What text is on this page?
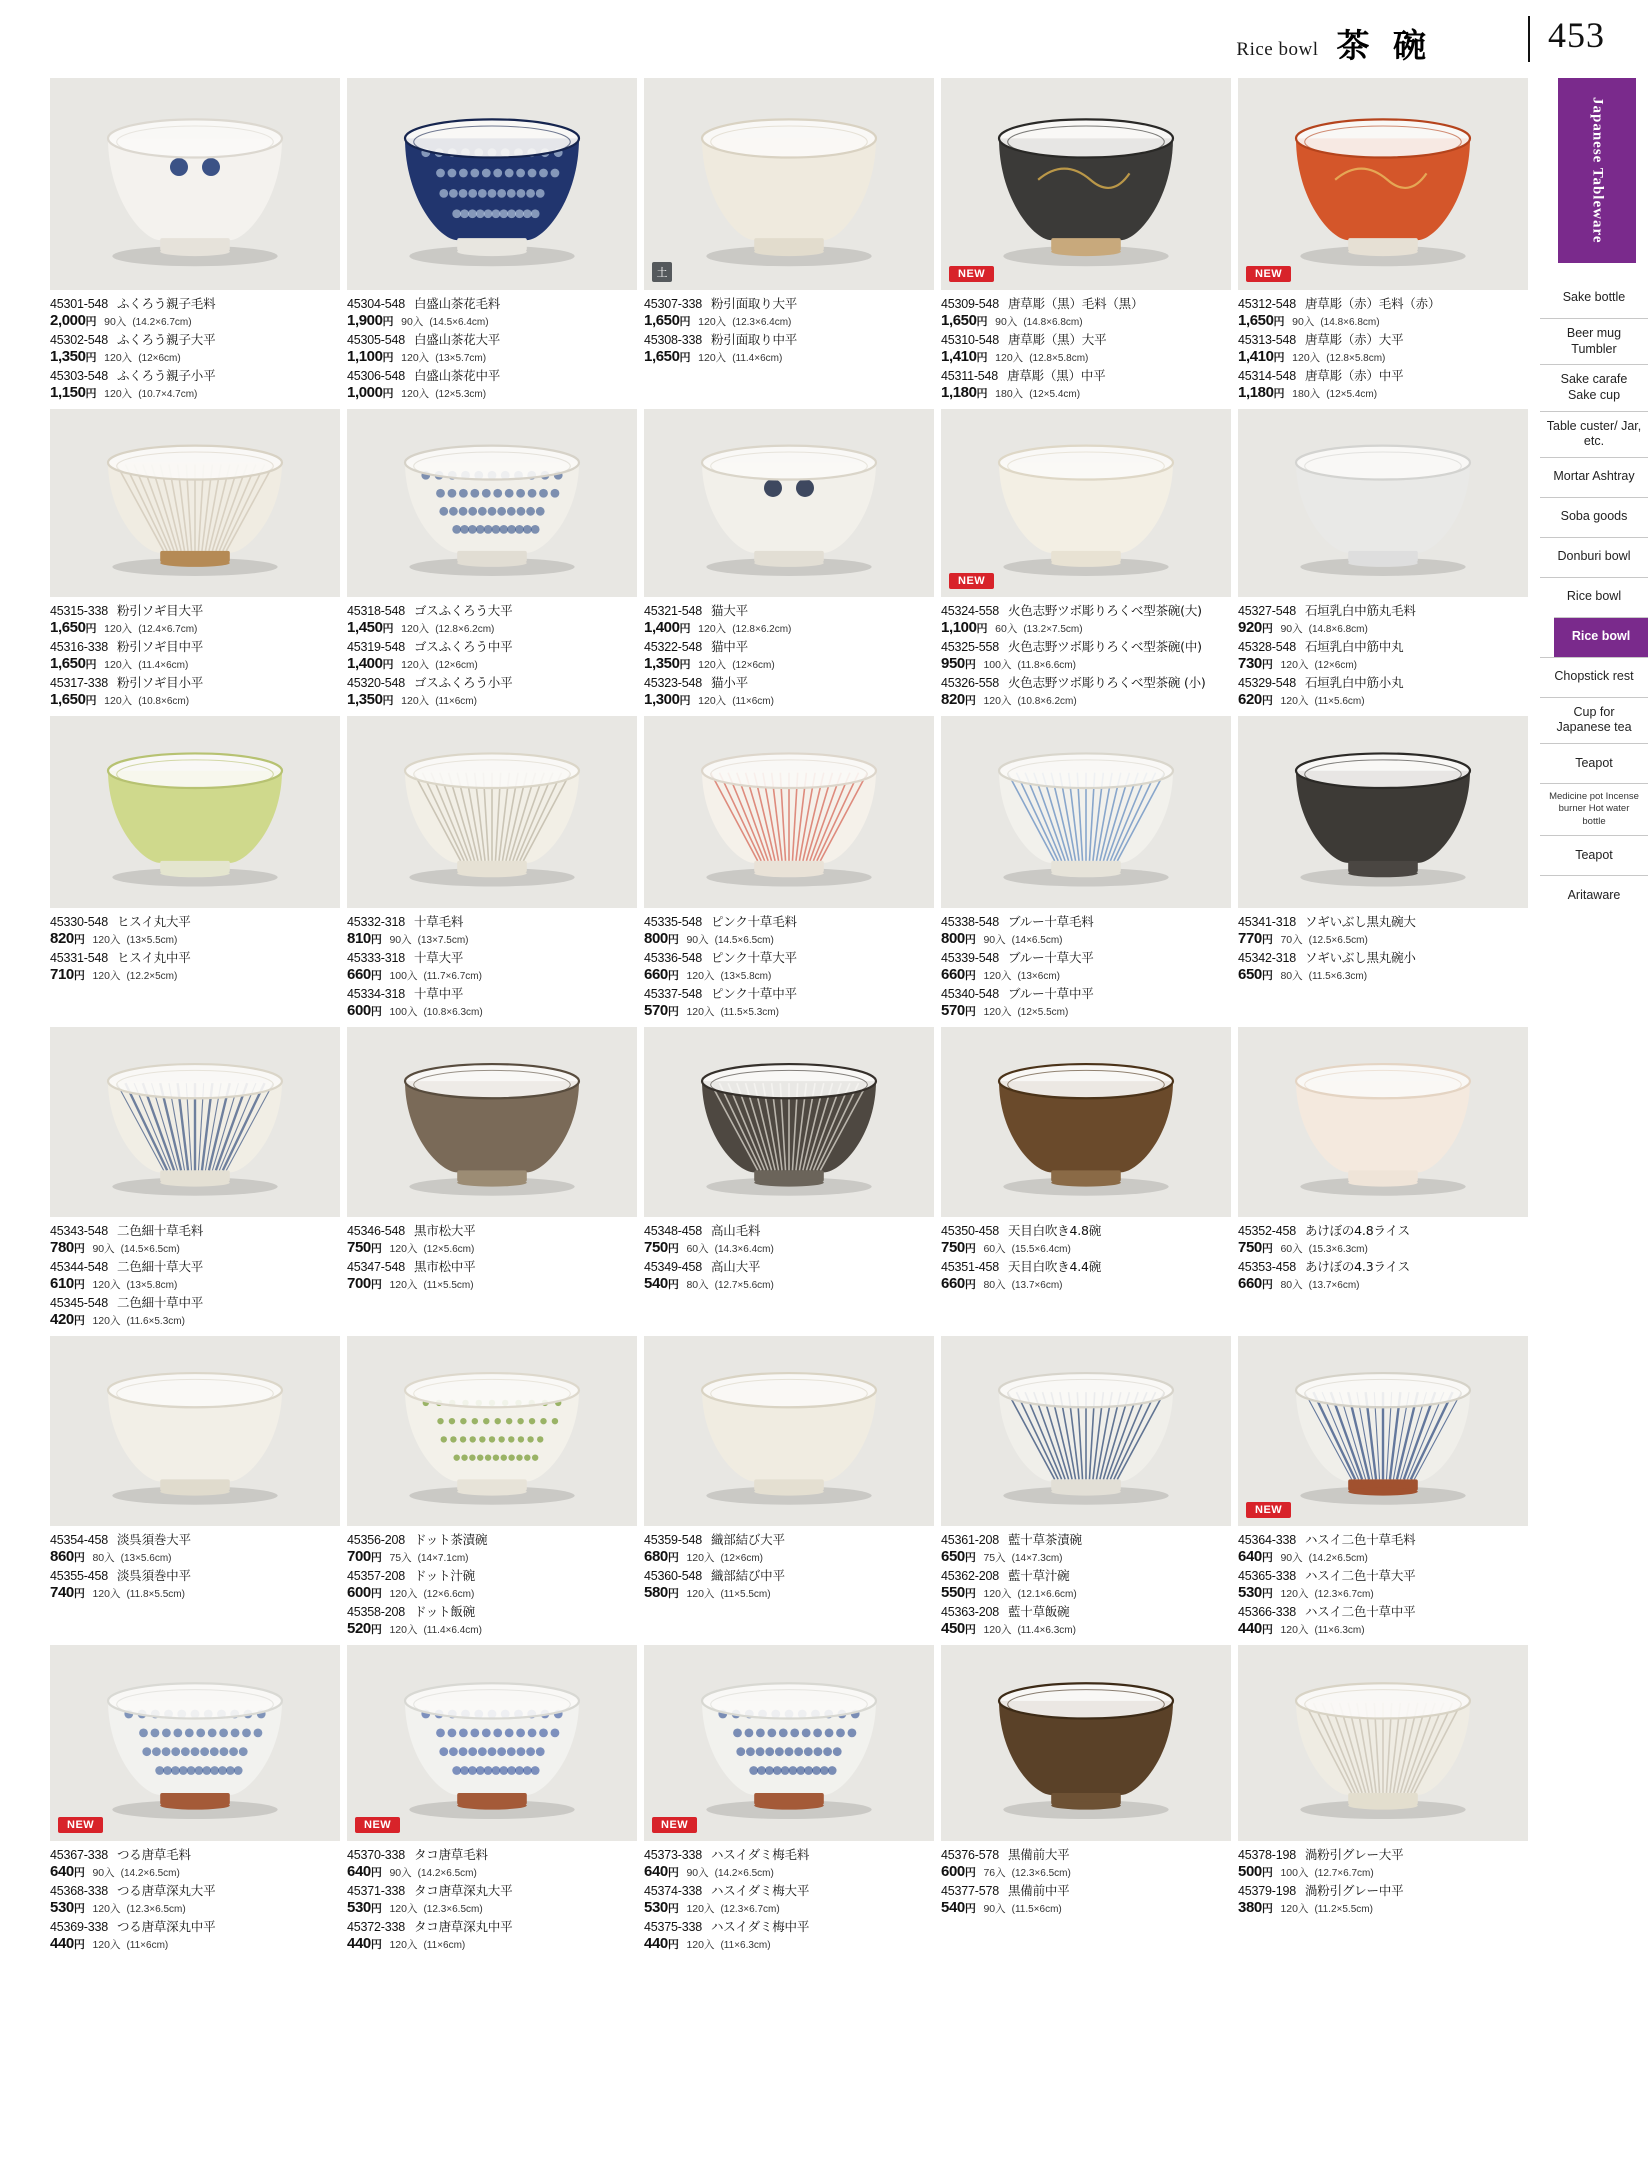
Rice bowl 茶 碗	453
Japanese Tableware
Sake bottle
Beer mug Tumbler
Sake carafe Sake cup
Table custer/ Jar, etc.
Mortar Ashtray
Soba goods
Donburi bowl
Rice bowl
Rice bowl
Chopstick rest
Cup for Japanese tea
Teapot
Medicine pot Incense burner Hot water bottle
Teapot
Aritaware
45301-548 ふくろう親子毛料
2,000円 90入 (14.2×6.7cm)
45302-548 ふくろう親子大平
1,350円 120入 (12×6cm)
45303-548 ふくろう親子小平
1,150円 120入 (10.7×4.7cm)
45304-548 白盛山茶花毛料
1,900円 90入 (14.5×6.4cm)
45305-548 白盛山茶花大平
1,100円 120入 (13×5.7cm)
45306-548 白盛山茶花中平
1,000円 120入 (12×5.3cm)
土
45307-338 粉引面取り大平
1,650円 120入 (12.3×6.4cm)
45308-338 粉引面取り中平
1,650円 120入 (11.4×6cm)
NEW
45309-548 唐草彫（黒）毛料（黒）
1,650円 90入 (14.8×6.8cm)
45310-548 唐草彫（黒）大平
1,410円 120入 (12.8×5.8cm)
45311-548 唐草彫（黒）中平
1,180円 180入 (12×5.4cm)
NEW
45312-548 唐草彫（赤）毛料（赤）
1,650円 90入 (14.8×6.8cm)
45313-548 唐草彫（赤）大平
1,410円 120入 (12.8×5.8cm)
45314-548 唐草彫（赤）中平
1,180円 180入 (12×5.4cm)
45315-338 粉引ソギ目大平
1,650円 120入 (12.4×6.7cm)
45316-338 粉引ソギ目中平
1,650円 120入 (11.4×6cm)
45317-338 粉引ソギ目小平
1,650円 120入 (10.8×6cm)
45318-548 ゴスふくろう大平
1,450円 120入 (12.8×6.2cm)
45319-548 ゴスふくろう中平
1,400円 120入 (12×6cm)
45320-548 ゴスふくろう小平
1,350円 120入 (11×6cm)
45321-548 猫大平
1,400円 120入 (12.8×6.2cm)
45322-548 猫中平
1,350円 120入 (12×6cm)
45323-548 猫小平
1,300円 120入 (11×6cm)
NEW
45324-558 火色志野ツボ彫りろくべ型茶碗(大)
1,100円 60入 (13.2×7.5cm)
45325-558 火色志野ツボ彫りろくべ型茶碗(中)
950円 100入 (11.8×6.6cm)
45326-558 火色志野ツボ彫りろくべ型茶碗 (小)
820円 120入 (10.8×6.2cm)
45327-548 石垣乳白中筋丸毛料
920円 90入 (14.8×6.8cm)
45328-548 石垣乳白中筋中丸
730円 120入 (12×6cm)
45329-548 石垣乳白中筋小丸
620円 120入 (11×5.6cm)
45330-548 ヒスイ丸大平
820円 120入 (13×5.5cm)
45331-548 ヒスイ丸中平
710円 120入 (12.2×5cm)
45332-318 十草毛料
810円 90入 (13×7.5cm)
45333-318 十草大平
660円 100入 (11.7×6.7cm)
45334-318 十草中平
600円 100入 (10.8×6.3cm)
45335-548 ピンク十草毛料
800円 90入 (14.5×6.5cm)
45336-548 ピンク十草大平
660円 120入 (13×5.8cm)
45337-548 ピンク十草中平
570円 120入 (11.5×5.3cm)
45338-548 ブルー十草毛料
800円 90入 (14×6.5cm)
45339-548 ブルー十草大平
660円 120入 (13×6cm)
45340-548 ブルー十草中平
570円 120入 (12×5.5cm)
45341-318 ソギいぶし黒丸碗大
770円 70入 (12.5×6.5cm)
45342-318 ソギいぶし黒丸碗小
650円 80入 (11.5×6.3cm)
45343-548 二色細十草毛料
780円 90入 (14.5×6.5cm)
45344-548 二色細十草大平
610円 120入 (13×5.8cm)
45345-548 二色細十草中平
420円 120入 (11.6×5.3cm)
45346-548 黒市松大平
750円 120入 (12×5.6cm)
45347-548 黒市松中平
700円 120入 (11×5.5cm)
45348-458 高山毛料
750円 60入 (14.3×6.4cm)
45349-458 高山大平
540円 80入 (12.7×5.6cm)
45350-458 天目白吹き4.8碗
750円 60入 (15.5×6.4cm)
45351-458 天目白吹き4.4碗
660円 80入 (13.7×6cm)
45352-458 あけぼの4.8ライス
750円 60入 (15.3×6.3cm)
45353-458 あけぼの4.3ライス
660円 80入 (13.7×6cm)
45354-458 淡呉須巻大平
860円 80入 (13×5.6cm)
45355-458 淡呉須巻中平
740円 120入 (11.8×5.5cm)
45356-208 ドット茶漬碗
700円 75入 (14×7.1cm)
45357-208 ドット汁碗
600円 120入 (12×6.6cm)
45358-208 ドット飯碗
520円 120入 (11.4×6.4cm)
45359-548 織部結び大平
680円 120入 (12×6cm)
45360-548 織部結び中平
580円 120入 (11×5.5cm)
45361-208 藍十草茶漬碗
650円 75入 (14×7.3cm)
45362-208 藍十草汁碗
550円 120入 (12.1×6.6cm)
45363-208 藍十草飯碗
450円 120入 (11.4×6.3cm)
NEW
45364-338 ハスイ二色十草毛料
640円 90入 (14.2×6.5cm)
45365-338 ハスイ二色十草大平
530円 120入 (12.3×6.7cm)
45366-338 ハスイ二色十草中平
440円 120入 (11×6.3cm)
NEW
45367-338 つる唐草毛料
640円 90入 (14.2×6.5cm)
45368-338 つる唐草深丸大平
530円 120入 (12.3×6.5cm)
45369-338 つる唐草深丸中平
440円 120入 (11×6cm)
NEW
45370-338 タコ唐草毛料
640円 90入 (14.2×6.5cm)
45371-338 タコ唐草深丸大平
530円 120入 (12.3×6.5cm)
45372-338 タコ唐草深丸中平
440円 120入 (11×6cm)
NEW
45373-338 ハスイダミ梅毛料
640円 90入 (14.2×6.5cm)
45374-338 ハスイダミ梅大平
530円 120入 (12.3×6.7cm)
45375-338 ハスイダミ梅中平
440円 120入 (11×6.3cm)
45376-578 黒備前大平
600円 76入 (12.3×6.5cm)
45377-578 黒備前中平
540円 90入 (11.5×6cm)
45378-198 渦粉引グレー大平
500円 100入 (12.7×6.7cm)
45379-198 渦粉引グレー中平
380円 120入 (11.2×5.5cm)
